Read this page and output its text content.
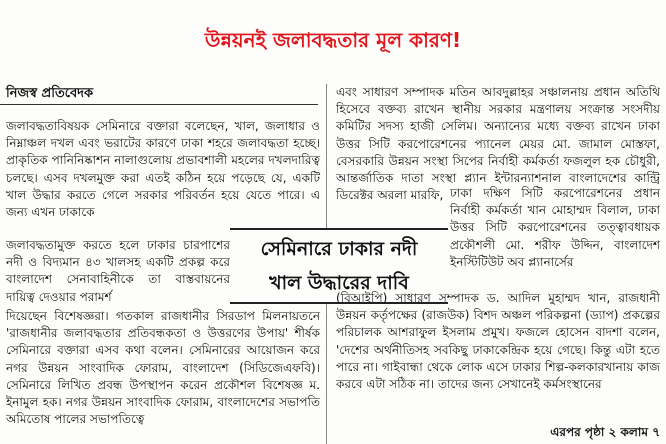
উন্নয়নই জলাবদ্ধতার মূল কারণ!
নিজস্ব প্রতিবেদক

জলাবদ্ধতাবিষয়ক সেমিনারে বক্তারা বলেছেন, খাল, জলাধার ও নিম্নাঞ্চল দখল এবং ভরাটের কারণে ঢাকা শহরে জলাবদ্ধতা হচ্ছে। প্রাকৃতিক পানিনিষ্কাশন নালাগুলোয় প্রভাবশালী মহলের দখলদারিত্ব চলছে। এসব দখলমুক্ত করা এতই কঠিন হয়ে পড়েছে যে, একটি খাল উদ্ধার করতে গেলে সরকার পরিবর্তন হয়ে যেতে পারে। এ জন্য এখন ঢাকাকে

জলাবদ্ধতামুক্ত করতে হলে ঢাকার চারপাশের নদী ও বিদ্যমান ৪৩ খালসহ একটি প্রকল্প করে বাংলাদেশ সেনাবাহিনীকে তা বাস্তবায়নের দায়িত্ব দেওয়ার পরামর্শ

দিয়েছেন বিশেষজ্ঞরা। গতকাল রাজধানীর সিরডাপ মিলনায়তনে 'রাজধানীর জলাবদ্ধতার প্রতিবন্ধকতা ও উত্তরণের উপায়' শীর্ষক সেমিনারে বক্তারা এসব কথা বলেন। সেমিনারের আয়োজন করে নগর উন্নয়ন সাংবাদিক ফোরাম, বাংলাদেশ (সিডিজেএফবি)। সেমিনারে লিখিত প্রবন্ধ উপস্থাপন করেন প্রকৌশল বিশেষজ্ঞ ম. ইনামুল হক। নগর উন্নয়ন সাংবাদিক ফোরাম, বাংলাদেশের সভাপতি অমিতোষ পালের সভাপতিত্বে

সেমিনারে ঢাকার নদী
খাল উদ্ধারের দাবি

এবং সাধারণ সম্পাদক মতিন আবদুল্লাহর সঞ্চালনায় প্রধান অতিথি হিসেবে বক্তব্য রাখেন স্থানীয় সরকার মন্ত্রণালয় সংক্রান্ত সংসদীয় কমিটির সদস্য হাজী সেলিম। অন্যান্যের মধ্যে বক্তব্য রাখেন ঢাকা উত্তর সিটি করপোরেশনের প্যানেল মেয়র মো. জামাল মোস্তফা, বেসরকারি উন্নয়ন সংস্থা সিপের নির্বাহী কর্মকর্তা ফজলুল হক চৌধুরী, আন্তর্জাতিক দাতা সংস্থা প্ল্যান ইন্টারন্যাশনাল বাংলাদেশের কান্ট্রি ডিরেক্টর অরলা মারফি, ঢাকা দক্ষিণ সিটি করপোরেশনের প্রধান নির্বাহী কর্মকর্তা খান মোহাম্মদ বিলাল, ঢাকা উত্তর সিটি করপোরেশনের তত্ত্বাবধায়ক প্রকৌশলী মো. শরীফ উদ্দিন, বাংলাদেশ ইনস্টিটিউট অব প্ল্যানার্সের

(বিআইপি) সাধারণ সম্পাদক ড. আদিল মুহাম্মদ খান, রাজধানী উন্নয়ন কর্তৃপক্ষের (রাজউক) বিশদ অঞ্চল পরিকল্পনা (ড্যাপ) প্রকল্পের পরিচালক আশরাফুল ইসলাম প্রমুখ। ফজলে হোসেন বাদশা বলেন, 'দেশের অর্থনীতিসহ সবকিছু ঢাকাকেন্দ্রিক হয়ে গেছে। কিন্তু এটা হতে পারে না। গাইবান্ধা থেকে লোক এসে ঢাকার শিল্প-কলকারখানায় কাজ করবে এটা সঠিক না। তাদের জন্য সেখানেই কর্মসংস্থানের

এরপর পৃষ্ঠা ২ কলাম ৭
